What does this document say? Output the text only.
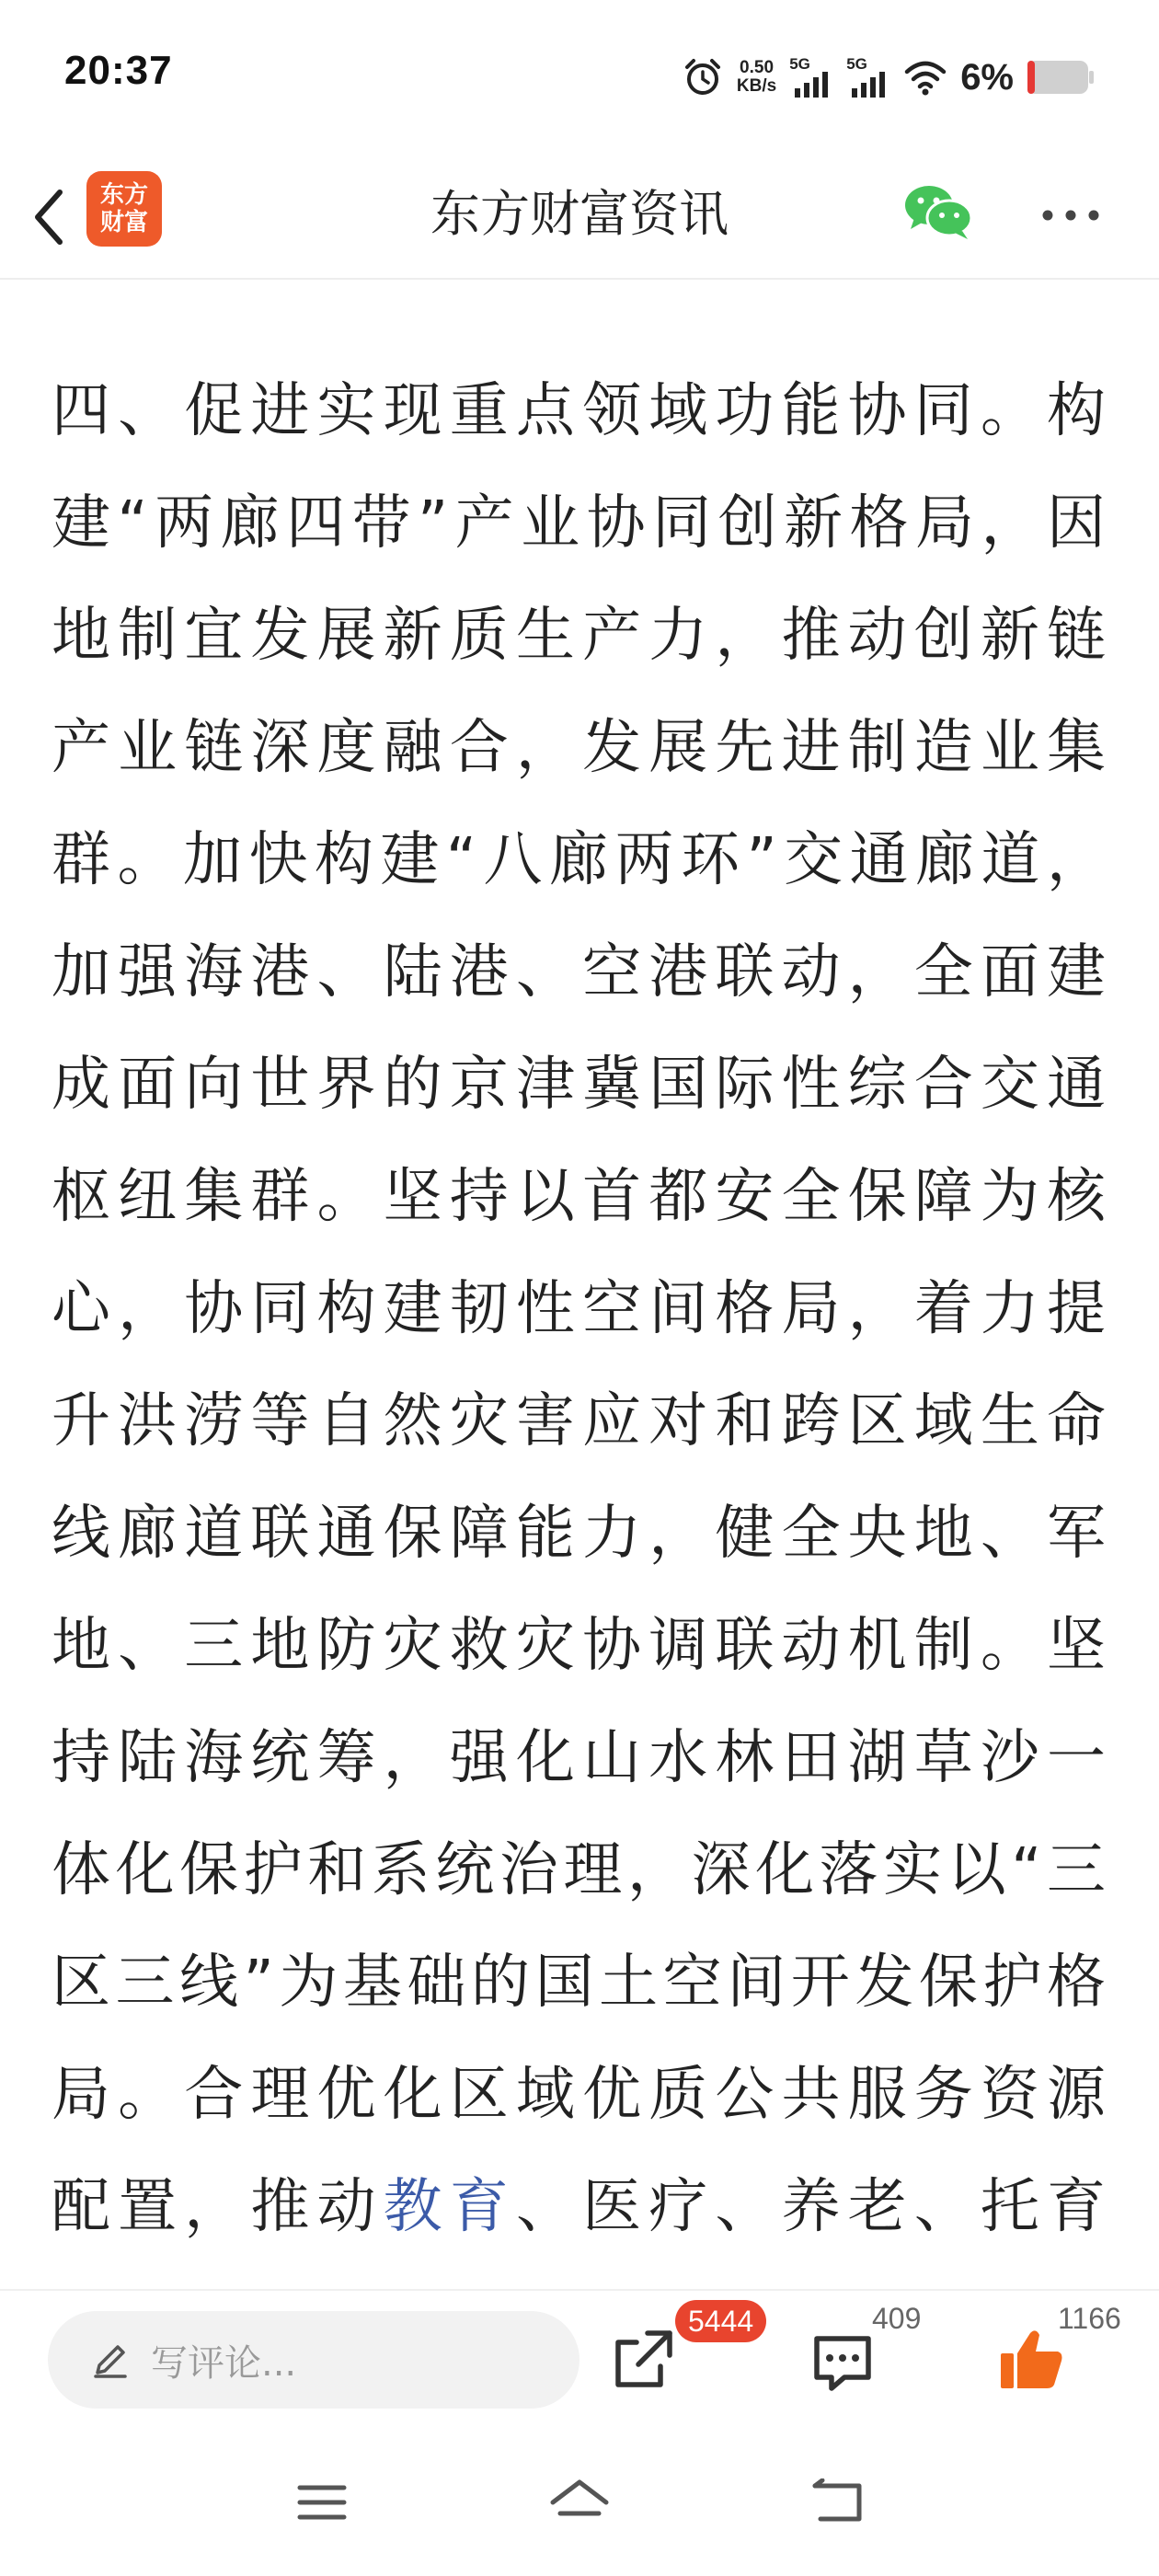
20:37	0.50
KB/s
5G 5G	6%
东方
财富	东方财富资讯
四、促进实现重点领域功能协同。构
建“两廊四带”产业协同创新格局，因
地制宜发展新质生产力，推动创新链
产业链深度融合，发展先进制造业集
群。加快构建“八廊两环”交通廊道，
加强海港、陆港、空港联动，全面建
成面向世界的京津冀国际性综合交通
枢纽集群。坚持以首都安全保障为核
心，协同构建韧性空间格局，着力提
升洪涝等自然灾害应对和跨区域生命
线廊道联通保障能力，健全央地、军
地、三地防灾救灾协调联动机制。坚
持陆海统筹，强化山水林田湖草沙一
体化保护和系统治理，深化落实以“三
区三线”为基础的国土空间开发保护格
局。合理优化区域优质公共服务资源
配置，推动教育、医疗、养老、托育
写评论...
5444	409	1166
